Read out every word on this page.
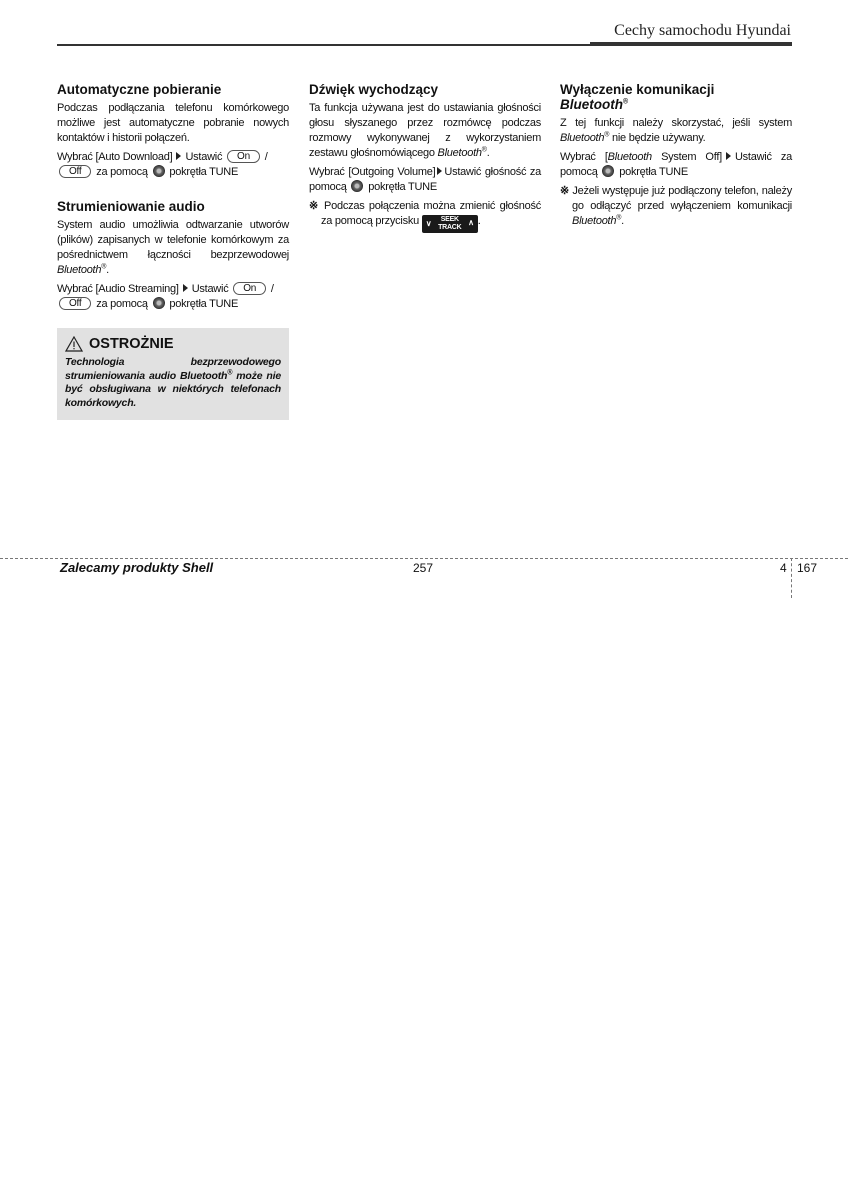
Cechy samochodu Hyundai
Automatyczne pobieranie

Podczas podłączania telefonu komórkowego możliwe jest automatyczne pobranie nowych kontaktów i historii połączeń.

Wybrać [Auto Download] Ustawić On /
Off za pomocą pokrętła TUNE

Strumieniowanie audio

System audio umożliwia odtwarzanie utworów (plików) zapisanych w telefonie komórkowym za pośrednictwem łączności bezprzewodowej Bluetooth®.

Wybrać [Audio Streaming] Ustawić On /
Off za pomocą pokrętła TUNE

OSTROŻNIE

Technologia bezprzewodowego strumieniowania audio Bluetooth® może nie być obsługiwana w niektórych telefonach komórkowych.

Dźwięk wychodzący

Ta funkcja używana jest do ustawiania głośności głosu słyszanego przez rozmówcę podczas rozmowy wykonywanej z wykorzystaniem zestawu głośnomówiącego Bluetooth®.

Wybrać [Outgoing Volume] Ustawić głośność za pomocą pokrętła TUNE

※ Podczas połączenia można zmienić głośność za pomocą przycisku ∨ SEEK
TRACK
∧ .

Wyłączenie komunikacji
Bluetooth®

Z tej funkcji należy skorzystać, jeśli system Bluetooth® nie będzie używany.

Wybrać [Bluetooth System Off] Ustawić za pomocą pokrętła TUNE

※ Jeżeli występuje już podłączony telefon, należy go odłączyć przed wyłączeniem komunikacji Bluetooth®.

Zalecamy produkty Shell	257	4 167
